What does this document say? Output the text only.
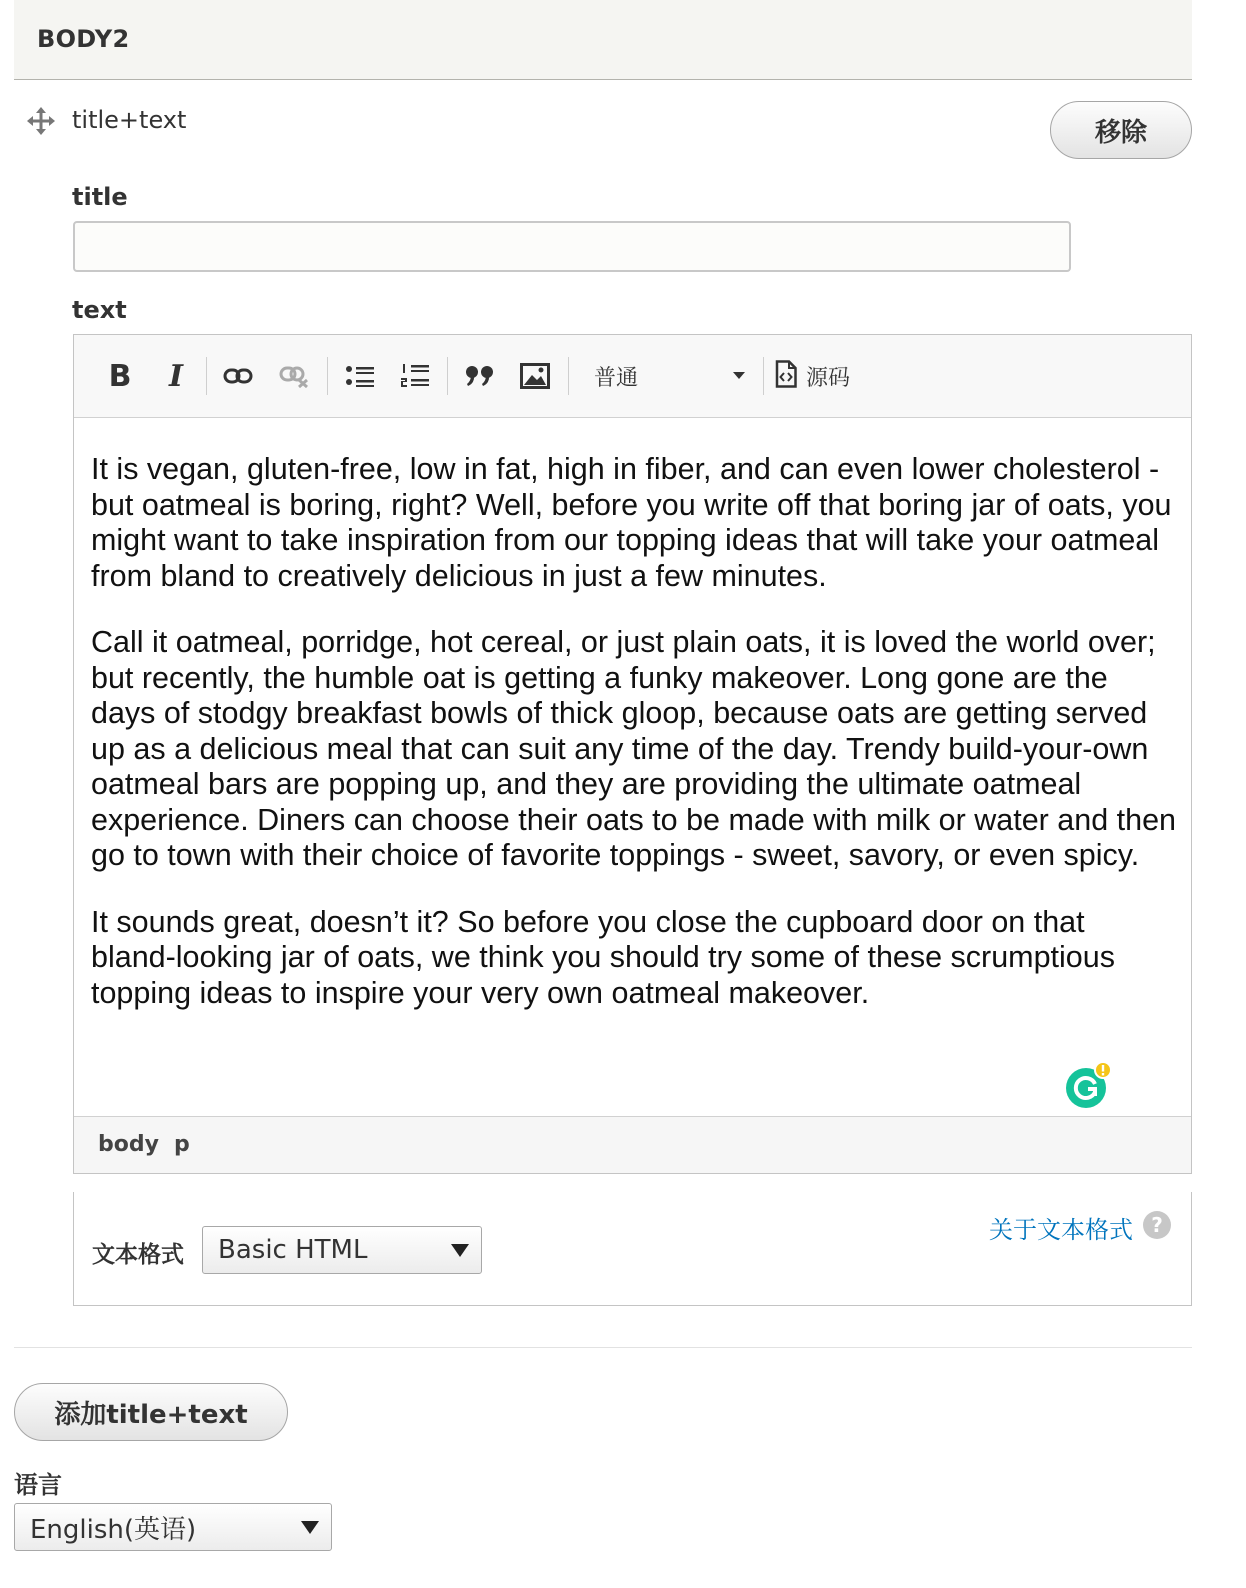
BODY2
title+text	移除
title
text
B	I	普通	源码

It is vegan, gluten-free, low in fat, high in fiber, and can even lower cholesterol - but oatmeal is boring, right? Well, before you write off that boring jar of oats, you might want to take inspiration from our topping ideas that will take your oatmeal from bland to creatively delicious in just a few minutes.

Call it oatmeal, porridge, hot cereal, or just plain oats, it is loved the world over; but recently, the humble oat is getting a funky makeover. Long gone are the days of stodgy breakfast bowls of thick gloop, because oats are getting served up as a delicious meal that can suit any time of the day. Trendy build-your-own oatmeal bars are popping up, and they are providing the ultimate oatmeal experience. Diners can choose their oats to be made with milk or water and then go to town with their choice of favorite toppings - sweet, savory, or even spicy.

It sounds great, doesn’t it? So before you close the cupboard door on that bland-looking jar of oats, we think you should try some of these scrumptious topping ideas to inspire your very own oatmeal makeover.

body p
文本格式 Basic HTML
关于文本格式 ?
添加title+text
语言
English(英语)
